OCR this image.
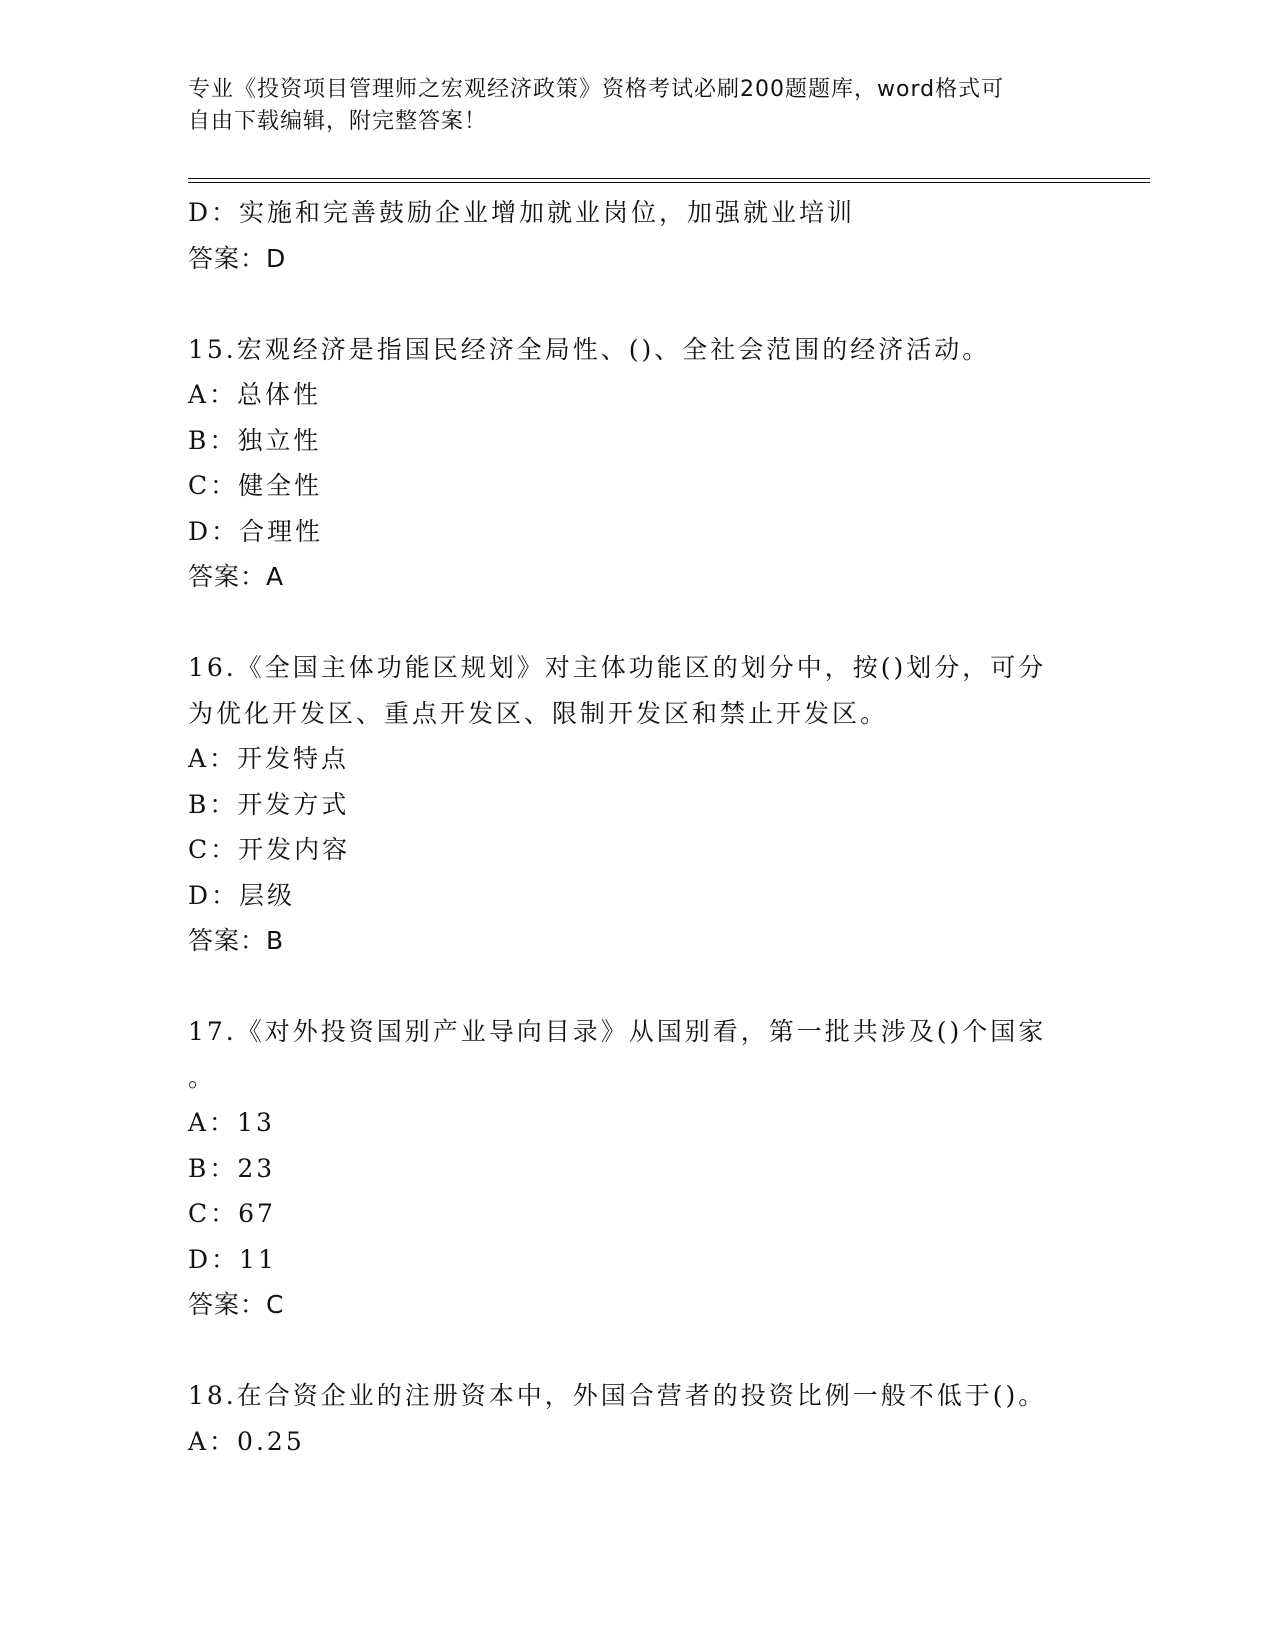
专业《投资项目管理师之宏观经济政策》资格考试必刷200题题库，word格式可
自由下载编辑，附完整答案！
D：实施和完善鼓励企业增加就业岗位，加强就业培训
答案：D
15.宏观经济是指国民经济全局性、()、全社会范围的经济活动。
A：总体性
B：独立性
C：健全性
D：合理性
答案：A
16.《全国主体功能区规划》对主体功能区的划分中，按()划分，可分
为优化开发区、重点开发区、限制开发区和禁止开发区。
A：开发特点
B：开发方式
C：开发内容
D：层级
答案：B
17.《对外投资国别产业导向目录》从国别看，第一批共涉及()个国家
。
A：13
B：23
C：67
D：11
答案：C
18.在合资企业的注册资本中，外国合营者的投资比例一般不低于()。
A：0.25
